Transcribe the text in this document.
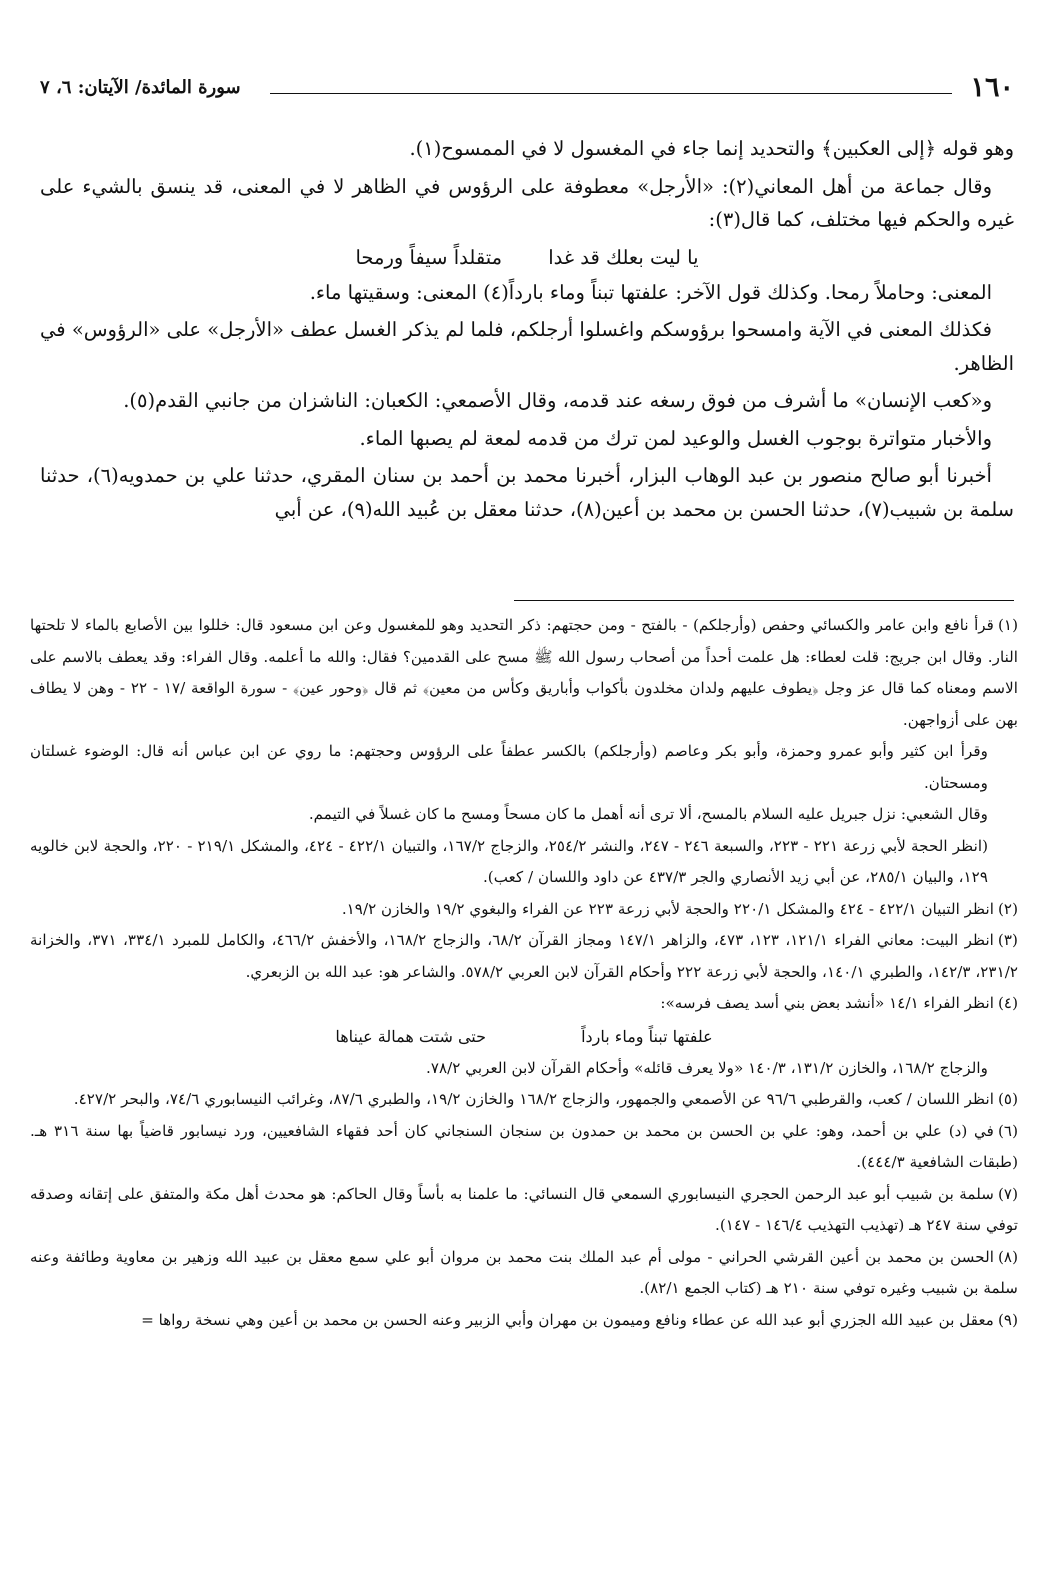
١٦٠
سورة المائدة/ الآيتان: ٦، ٧

وهو قوله ﴿إلى العكبين﴾ والتحديد إنما جاء في المغسول لا في الممسوح(١).

وقال جماعة من أهل المعاني(٢): «الأرجل» معطوفة على الرؤوس في الظاهر لا في المعنى، قد ينسق بالشيء على غيره والحكم فيها مختلف، كما قال(٣):

يا ليت بعلك قد غدا متقلداً سيفاً ورمحا

المعنى: وحاملاً رمحا. وكذلك قول الآخر: علفتها تبناً وماء بارداً(٤) المعنى: وسقيتها ماء.

فكذلك المعنى في الآية وامسحوا برؤوسكم واغسلوا أرجلكم، فلما لم يذكر الغسل عطف «الأرجل» على «الرؤوس» في الظاهر.

و«كعب الإنسان» ما أشرف من فوق رسغه عند قدمه، وقال الأصمعي: الكعبان: الناشزان من جانبي القدم(٥).

والأخبار متواترة بوجوب الغسل والوعيد لمن ترك من قدمه لمعة لم يصبها الماء.

أخبرنا أبو صالح منصور بن عبد الوهاب البزار، أخبرنا محمد بن أحمد بن سنان المقري، حدثنا علي بن حمدويه(٦)، حدثنا سلمة بن شبيب(٧)، حدثنا الحسن بن محمد بن أعين(٨)، حدثنا معقل بن عُبيد الله(٩)، عن أبي

(١)قرأ نافع وابن عامر والكسائي وحفص (وأرجلكم) - بالفتح - ومن حجتهم: ذكر التحديد وهو للمغسول وعن ابن مسعود قال: خللوا بين الأصابع بالماء لا تلحتها النار. وقال ابن جريج: قلت لعطاء: هل علمت أحداً من أصحاب رسول الله ﷺ مسح على القدمين؟ فقال: والله ما أعلمه. وقال الفراء: وقد يعطف بالاسم على الاسم ومعناه كما قال عز وجل ﴿يطوف عليهم ولدان مخلدون بأكواب وأباريق وكأس من معين﴾ ثم قال ﴿وحور عين﴾ - سورة الواقعة /١٧ - ٢٢ - وهن لا يطاف بهن على أزواجهن.

وقرأ ابن كثير وأبو عمرو وحمزة، وأبو بكر وعاصم (وأرجلكم) بالكسر عطفاً على الرؤوس وحجتهم: ما روي عن ابن عباس أنه قال: الوضوء غسلتان ومسحتان.

وقال الشعبي: نزل جبريل عليه السلام بالمسح، ألا ترى أنه أهمل ما كان مسحاً ومسح ما كان غسلاً في التيمم.

(انظر الحجة لأبي زرعة ٢٢١ - ٢٢٣، والسبعة ٢٤٦ - ٢٤٧، والنشر ٢٥٤/٢، والزجاج ١٦٧/٢، والتبيان ٤٢٢/١ - ٤٢٤، والمشكل ٢١٩/١ - ٢٢٠، والحجة لابن خالويه ١٢٩، والبيان ٢٨٥/١، عن أبي زيد الأنصاري والجر ٤٣٧/٣ عن داود واللسان / كعب).

(٢)انظر التبيان ٤٢٢/١ - ٤٢٤ والمشكل ٢٢٠/١ والحجة لأبي زرعة ٢٢٣ عن الفراء والبغوي ١٩/٢ والخازن ١٩/٢.

(٣)انظر البيت: معاني الفراء ١٢١/١، ١٢٣، ٤٧٣، والزاهر ١٤٧/١ ومجاز القرآن ٦٨/٢، والزجاج ١٦٨/٢، والأخفش ٤٦٦/٢، والكامل للمبرد ٣٣٤/١، ٣٧١، والخزانة ٢٣١/٢، ١٤٢/٣، والطبري ١٤٠/١، والحجة لأبي زرعة ٢٢٢ وأحكام القرآن لابن العربي ٥٧٨/٢. والشاعر هو: عبد الله بن الزبعري.

(٤)انظر الفراء ١٤/١ «أنشد بعض بني أسد يصف فرسه»:

علفتها تبناً وماء بارداً حتى شتت همالة عيناها

والزجاج ١٦٨/٢، والخازن ١٣١/٢، ١٤٠/٣ «ولا يعرف قائله» وأحكام القرآن لابن العربي ٧٨/٢.

(٥)انظر اللسان / كعب، والقرطبي ٩٦/٦ عن الأصمعي والجمهور، والزجاج ١٦٨/٢ والخازن ١٩/٢، والطبري ٨٧/٦، وغرائب النيسابوري ٧٤/٦، والبحر ٤٢٧/٢.

(٦)في (د) علي بن أحمد، وهو: علي بن الحسن بن محمد بن حمدون بن سنجان السنجاني كان أحد فقهاء الشافعيين، ورد نيسابور قاضياً بها سنة ٣١٦ هـ. (طبقات الشافعية ٤٤٤/٣).

(٧)سلمة بن شبيب أبو عبد الرحمن الحجري النيسابوري السمعي قال النسائي: ما علمنا به بأساً وقال الحاكم: هو محدث أهل مكة والمتفق على إتقانه وصدقه توفي سنة ٢٤٧ هـ (تهذيب التهذيب ١٤٦/٤ - ١٤٧).

(٨)الحسن بن محمد بن أعين القرشي الحراني - مولى أم عبد الملك بنت محمد بن مروان أبو علي سمع معقل بن عبيد الله وزهير بن معاوية وطائفة وعنه سلمة بن شبيب وغيره توفي سنة ٢١٠ هـ (كتاب الجمع ٨٢/١).

(٩)معقل بن عبيد الله الجزري أبو عبد الله عن عطاء ونافع وميمون بن مهران وأبي الزبير وعنه الحسن بن محمد بن أعين وهي نسخة رواها =
